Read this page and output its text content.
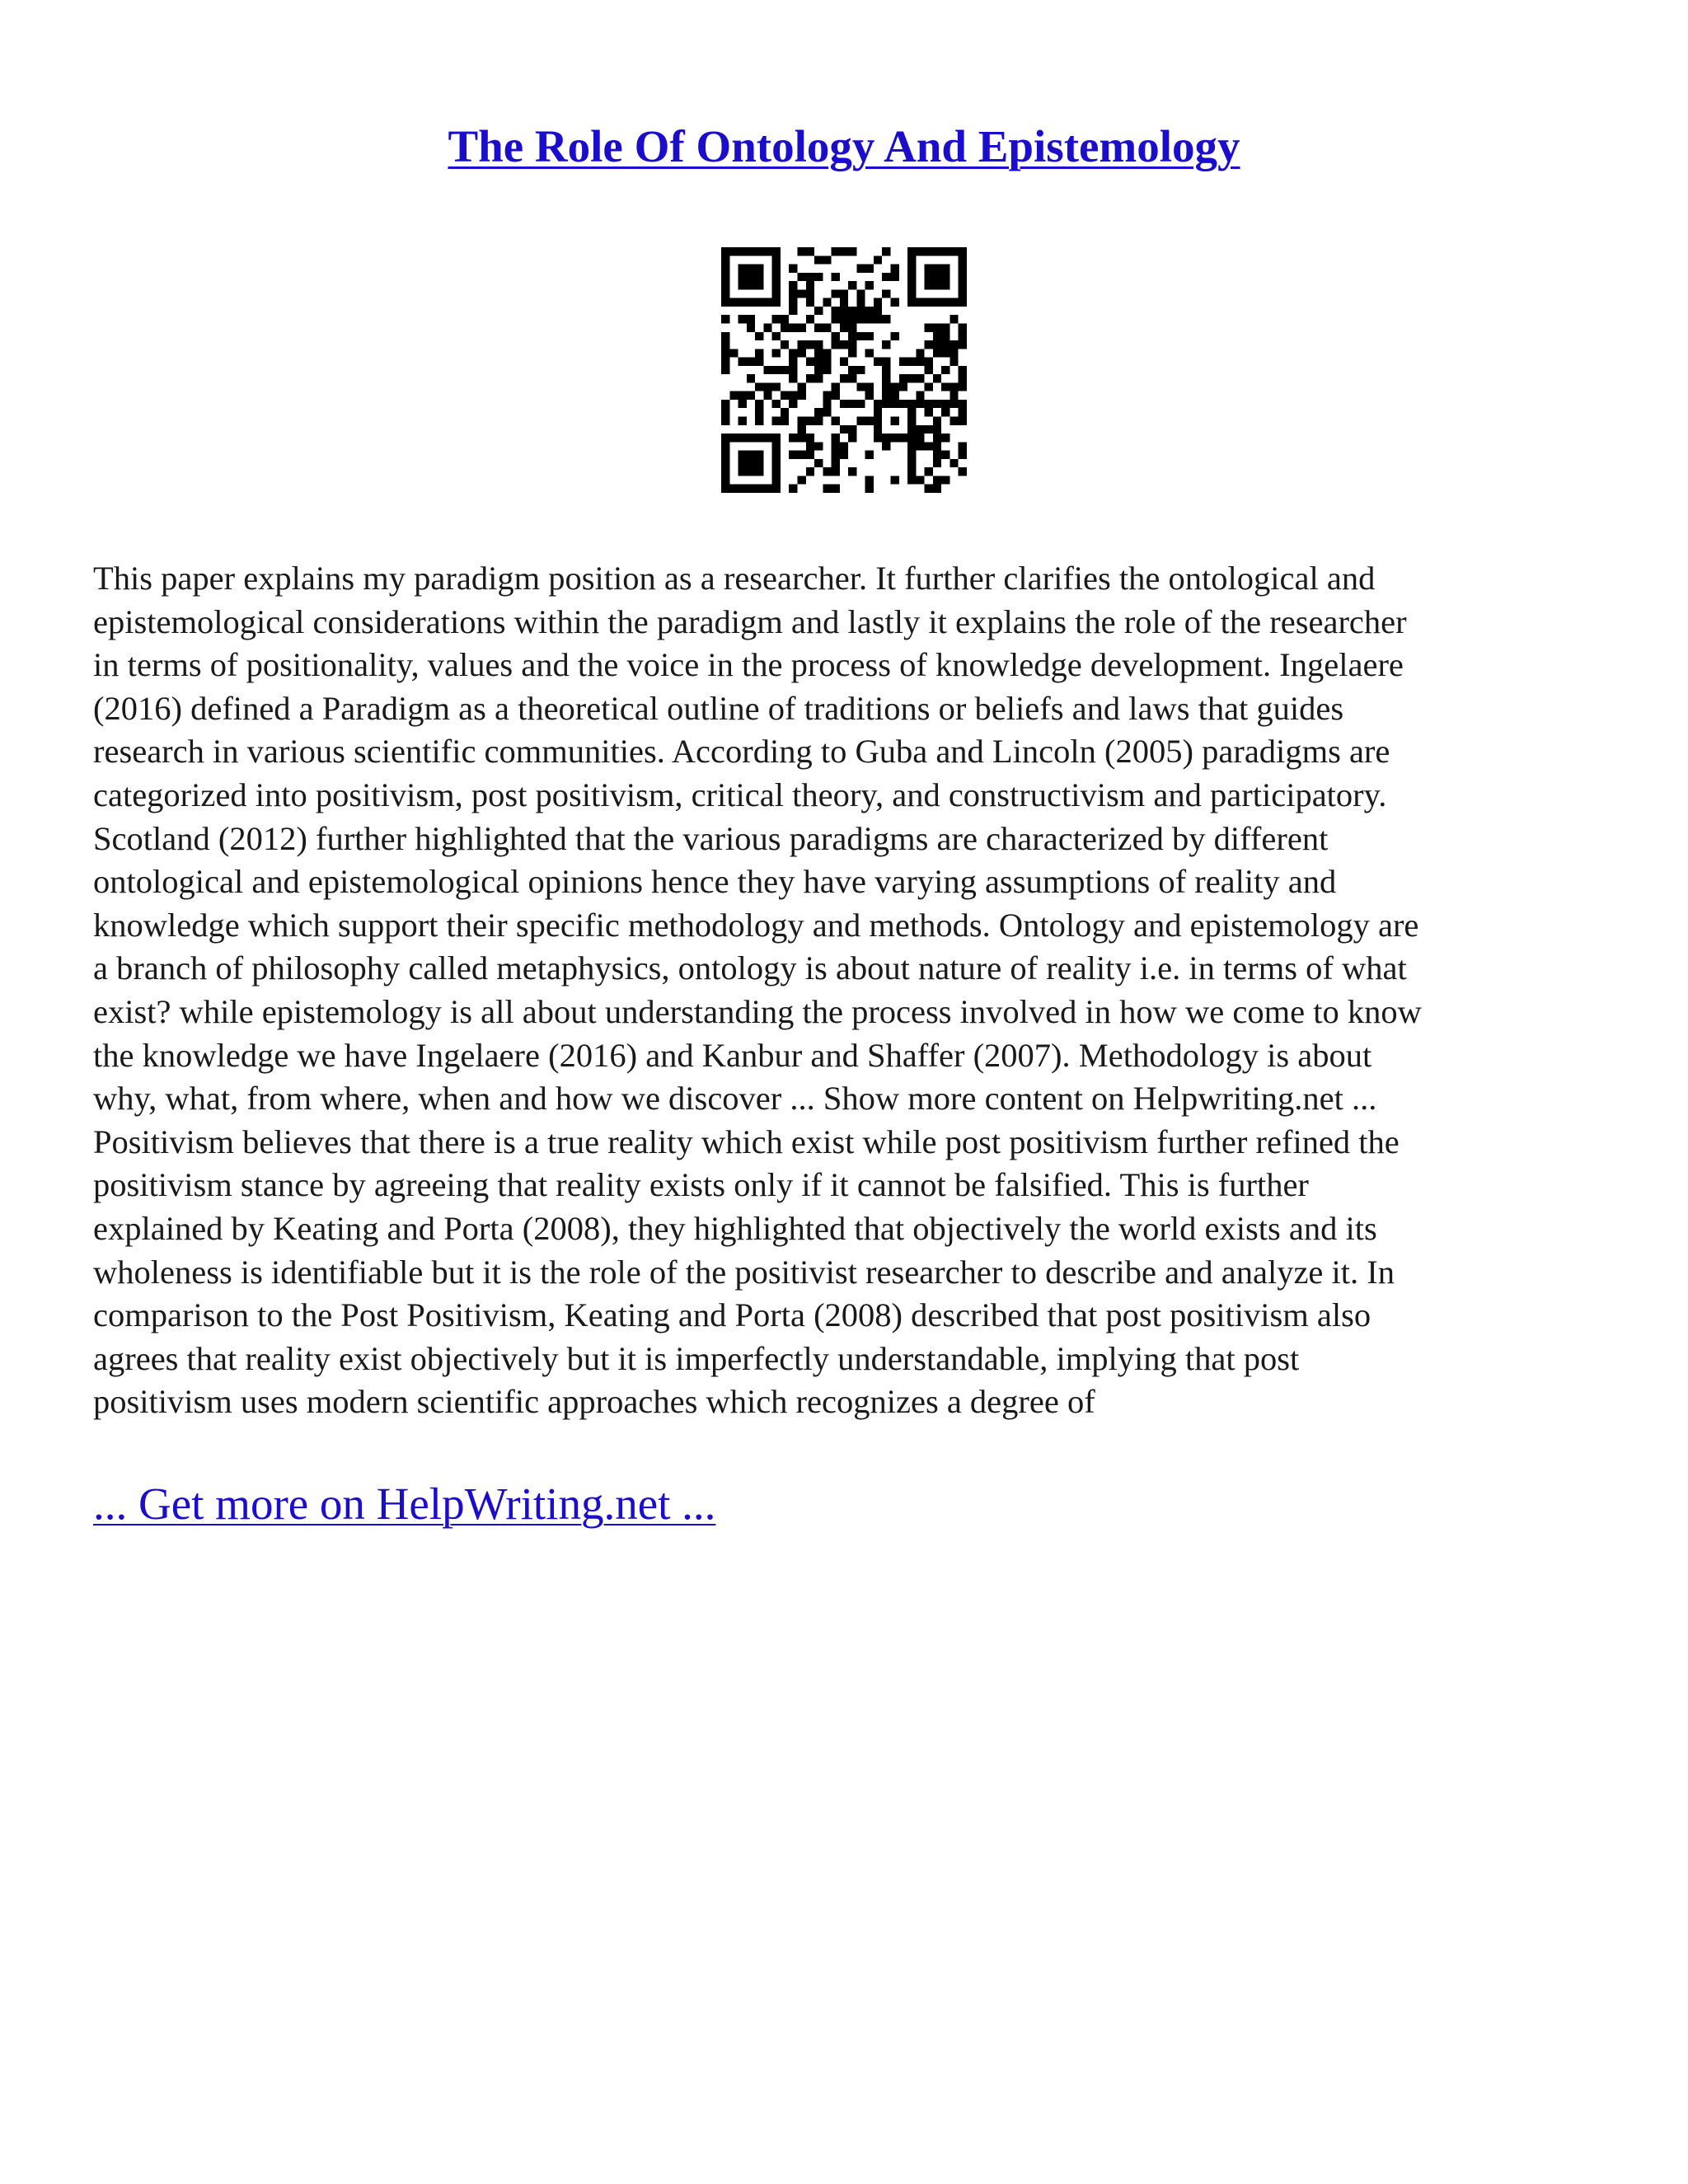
The Role Of Ontology And Epistemology

This paper explains my paradigm position as a researcher. It further clarifies the ontological and
epistemological considerations within the paradigm and lastly it explains the role of the researcher
in terms of positionality, values and the voice in the process of knowledge development. Ingelaere
(2016) defined a Paradigm as a theoretical outline of traditions or beliefs and laws that guides
research in various scientific communities. According to Guba and Lincoln (2005) paradigms are
categorized into positivism, post positivism, critical theory, and constructivism and participatory.
Scotland (2012) further highlighted that the various paradigms are characterized by different
ontological and epistemological opinions hence they have varying assumptions of reality and
knowledge which support their specific methodology and methods. Ontology and epistemology are
a branch of philosophy called metaphysics, ontology is about nature of reality i.e. in terms of what
exist? while epistemology is all about understanding the process involved in how we come to know
the knowledge we have Ingelaere (2016) and Kanbur and Shaffer (2007). Methodology is about
why, what, from where, when and how we discover ... Show more content on Helpwriting.net ...
Positivism believes that there is a true reality which exist while post positivism further refined the
positivism stance by agreeing that reality exists only if it cannot be falsified. This is further
explained by Keating and Porta (2008), they highlighted that objectively the world exists and its
wholeness is identifiable but it is the role of the positivist researcher to describe and analyze it. In
comparison to the Post Positivism, Keating and Porta (2008) described that post positivism also
agrees that reality exist objectively but it is imperfectly understandable, implying that post
positivism uses modern scientific approaches which recognizes a degree of

... Get more on HelpWriting.net ...
